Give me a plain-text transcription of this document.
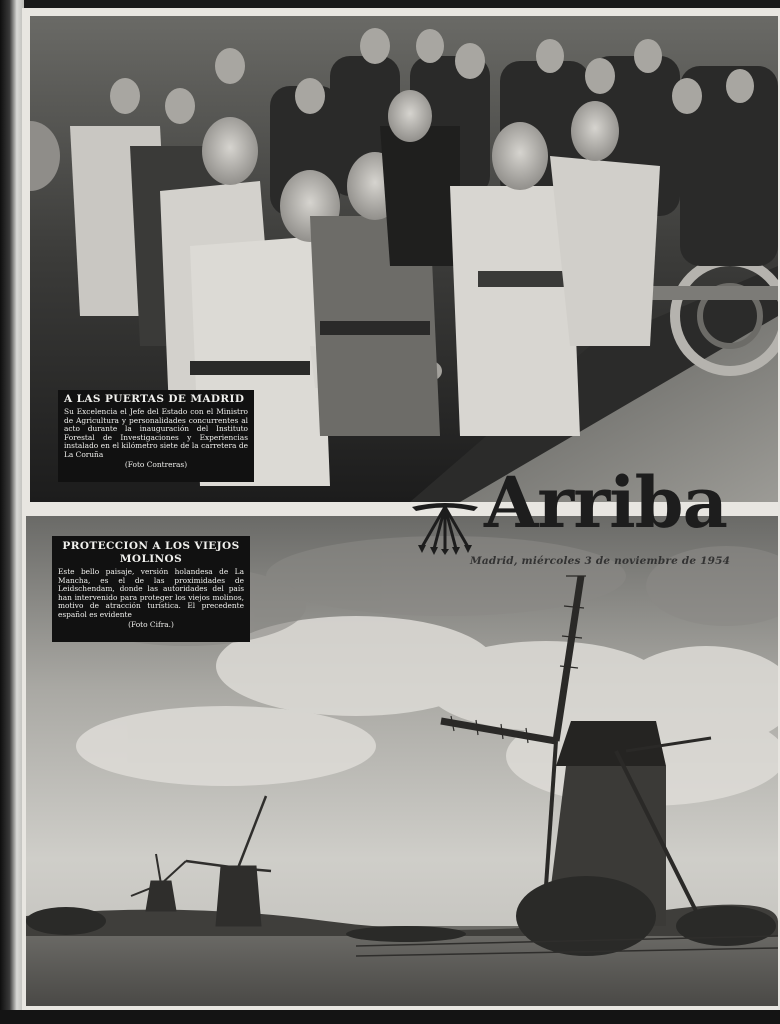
A LAS PUERTAS DE MADRID
Su Excelencia el Jefe del Estado con el Ministro de Agricultura y personalidades concurrentes al acto durante la inauguración del Instituto Forestal de Investigaciones y Experiencias instalado en el kilómetro siete de la carretera de La Coruña
(Foto Contreras)
PROTECCION A LOS VIEJOS MOLINOS
Este bello paisaje, versión holandesa de La Mancha, es el de las proximidades de Leidschendam, donde las autoridades del país han intervenido para proteger los viejos molinos, motivo de atracción turística. El precedente español es evidente
(Foto Cifra.)
Arriba
Madrid, miércoles 3 de noviembre de 1954
